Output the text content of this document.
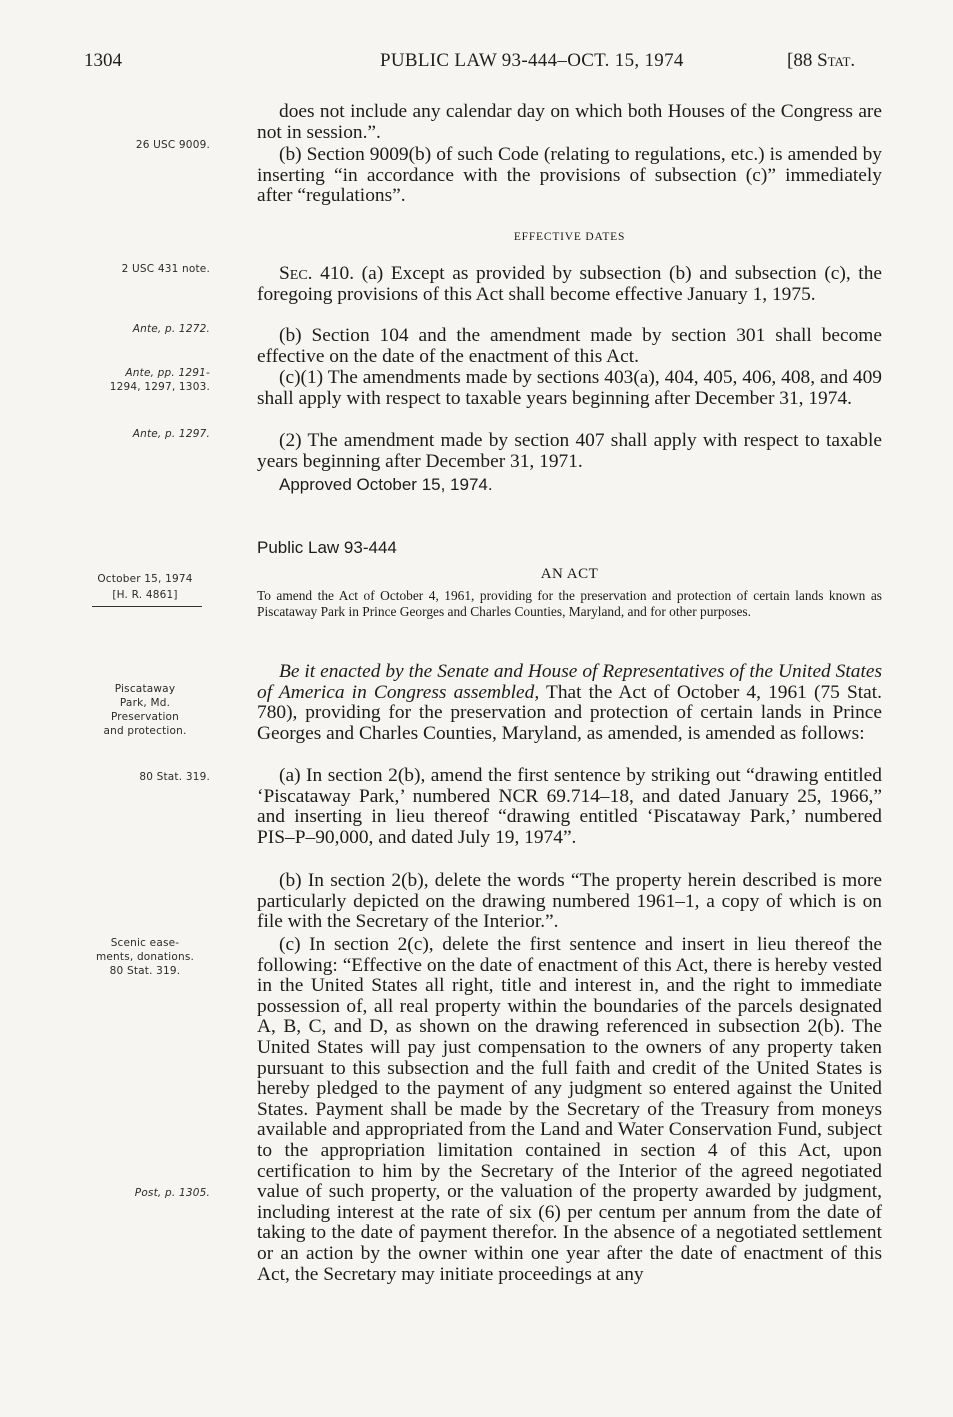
1304	PUBLIC LAW 93-444–OCT. 15, 1974	[88 Stat.
26 USC 9009.
2 USC 431 note.
Ante, p. 1272.
Ante, pp. 1291-
1294, 1297, 1303.
Ante, p. 1297.
October 15, 1974
[H. R. 4861]
Piscataway
Park, Md.
Preservation
and protection.
80 Stat. 319.
Scenic ease-
ments, donations.
80 Stat. 319.
Post, p. 1305.
does not include any calendar day on which both Houses of the Congress are not in session.”.
(b) Section 9009(b) of such Code (relating to regulations, etc.) is amended by inserting “in accordance with the provisions of subsection (c)” immediately after “regulations”.
EFFECTIVE DATES
Sec. 410. (a) Except as provided by subsection (b) and subsection (c), the foregoing provisions of this Act shall become effective January 1, 1975.
(b) Section 104 and the amendment made by section 301 shall become effective on the date of the enactment of this Act.
(c)(1) The amendments made by sections 403(a), 404, 405, 406, 408, and 409 shall apply with respect to taxable years beginning after December 31, 1974.
(2) The amendment made by section 407 shall apply with respect to taxable years beginning after December 31, 1971.
Approved October 15, 1974.
Public Law 93-444
AN ACT
To amend the Act of October 4, 1961, providing for the preservation and protection of certain lands known as Piscataway Park in Prince Georges and Charles Counties, Maryland, and for other purposes.
Be it enacted by the Senate and House of Representatives of the United States of America in Congress assembled, That the Act of October 4, 1961 (75 Stat. 780), providing for the preservation and protection of certain lands in Prince Georges and Charles Counties, Maryland, as amended, is amended as follows:
(a) In section 2(b), amend the first sentence by striking out “drawing entitled ‘Piscataway Park,’ numbered NCR 69.714–18, and dated January 25, 1966,” and inserting in lieu thereof “drawing entitled ‘Piscataway Park,’ numbered PIS–P–90,000, and dated July 19, 1974”.
(b) In section 2(b), delete the words “The property herein described is more particularly depicted on the drawing numbered 1961–1, a copy of which is on file with the Secretary of the Interior.”.
(c) In section 2(c), delete the first sentence and insert in lieu thereof the following: “Effective on the date of enactment of this Act, there is hereby vested in the United States all right, title and interest in, and the right to immediate possession of, all real property within the boundaries of the parcels designated A, B, C, and D, as shown on the drawing referenced in subsection 2(b). The United States will pay just compensation to the owners of any property taken pursuant to this subsection and the full faith and credit of the United States is hereby pledged to the payment of any judgment so entered against the United States. Payment shall be made by the Secretary of the Treasury from moneys available and appropriated from the Land and Water Conservation Fund, subject to the appropriation limitation contained in section 4 of this Act, upon certification to him by the Secretary of the Interior of the agreed negotiated value of such property, or the valuation of the property awarded by judgment, including interest at the rate of six (6) per centum per annum from the date of taking to the date of payment therefor. In the absence of a negotiated settlement or an action by the owner within one year after the date of enactment of this Act, the Secretary may initiate proceedings at any
